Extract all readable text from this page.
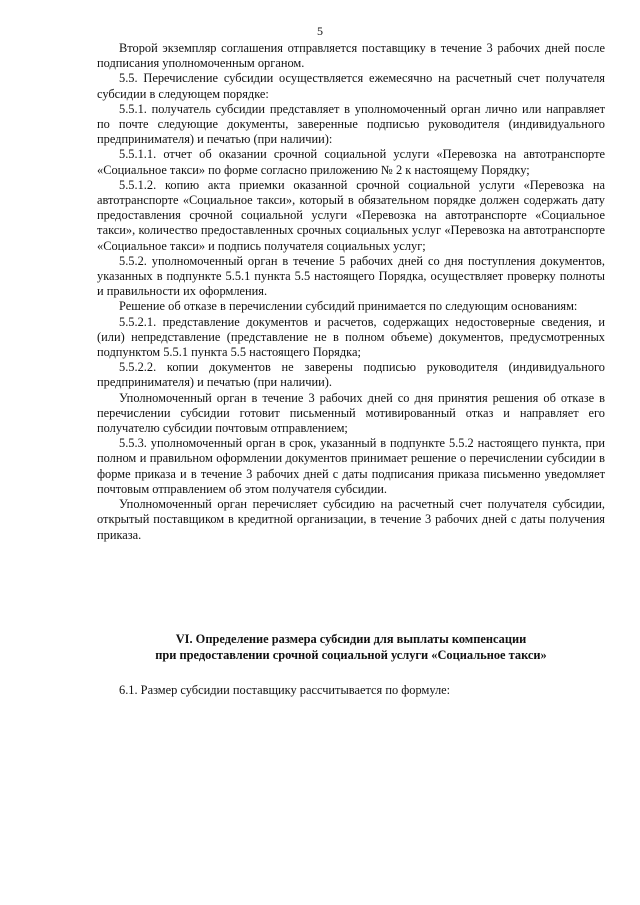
5

Второй экземпляр соглашения отправляется поставщику в течение 3 рабочих дней после подписания уполномоченным органом.

5.5. Перечисление субсидии осуществляется ежемесячно на расчетный счет получателя субсидии в следующем порядке:

5.5.1. получатель субсидии представляет в уполномоченный орган лично или направляет по почте следующие документы, заверенные подписью руководителя (индивидуального предпринимателя) и печатью (при наличии):

5.5.1.1. отчет об оказании срочной социальной услуги «Перевозка на автотранспорте «Социальное такси» по форме согласно приложению № 2 к настоящему Порядку;

5.5.1.2. копию акта приемки оказанной срочной социальной услуги «Перевозка на автотранспорте «Социальное такси», который в обязательном порядке должен содержать дату предоставления срочной социальной услуги «Перевозка на автотранспорте «Социальное такси», количество предоставленных срочных социальных услуг «Перевозка на автотранспорте «Социальное такси» и подпись получателя социальных услуг;

5.5.2. уполномоченный орган в течение 5 рабочих дней со дня поступления документов, указанных в подпункте 5.5.1 пункта 5.5 настоящего Порядка, осуществляет проверку полноты и правильности их оформления.

Решение об отказе в перечислении субсидий принимается по следующим основаниям:

5.5.2.1. представление документов и расчетов, содержащих недостоверные сведения, и (или) непредставление (представление не в полном объеме) документов, предусмотренных подпунктом 5.5.1 пункта 5.5 настоящего Порядка;

5.5.2.2. копии документов не заверены подписью руководителя (индивидуального предпринимателя) и печатью (при наличии).

Уполномоченный орган в течение 3 рабочих дней со дня принятия решения об отказе в перечислении субсидии готовит письменный мотивированный отказ и направляет его получателю субсидии почтовым отправлением;

5.5.3. уполномоченный орган в срок, указанный в подпункте 5.5.2 настоящего пункта, при полном и правильном оформлении документов принимает решение о перечислении субсидии в форме приказа и в течение 3 рабочих дней с даты подписания приказа письменно уведомляет почтовым отправлением об этом получателя субсидии.

Уполномоченный орган перечисляет субсидию на расчетный счет получателя субсидии, открытый поставщиком в кредитной организации, в течение 3 рабочих дней с даты получения приказа.

VI. Определение размера субсидии для выплаты компенсации
при предоставлении срочной социальной услуги «Социальное такси»

6.1. Размер субсидии поставщику рассчитывается по формуле:
